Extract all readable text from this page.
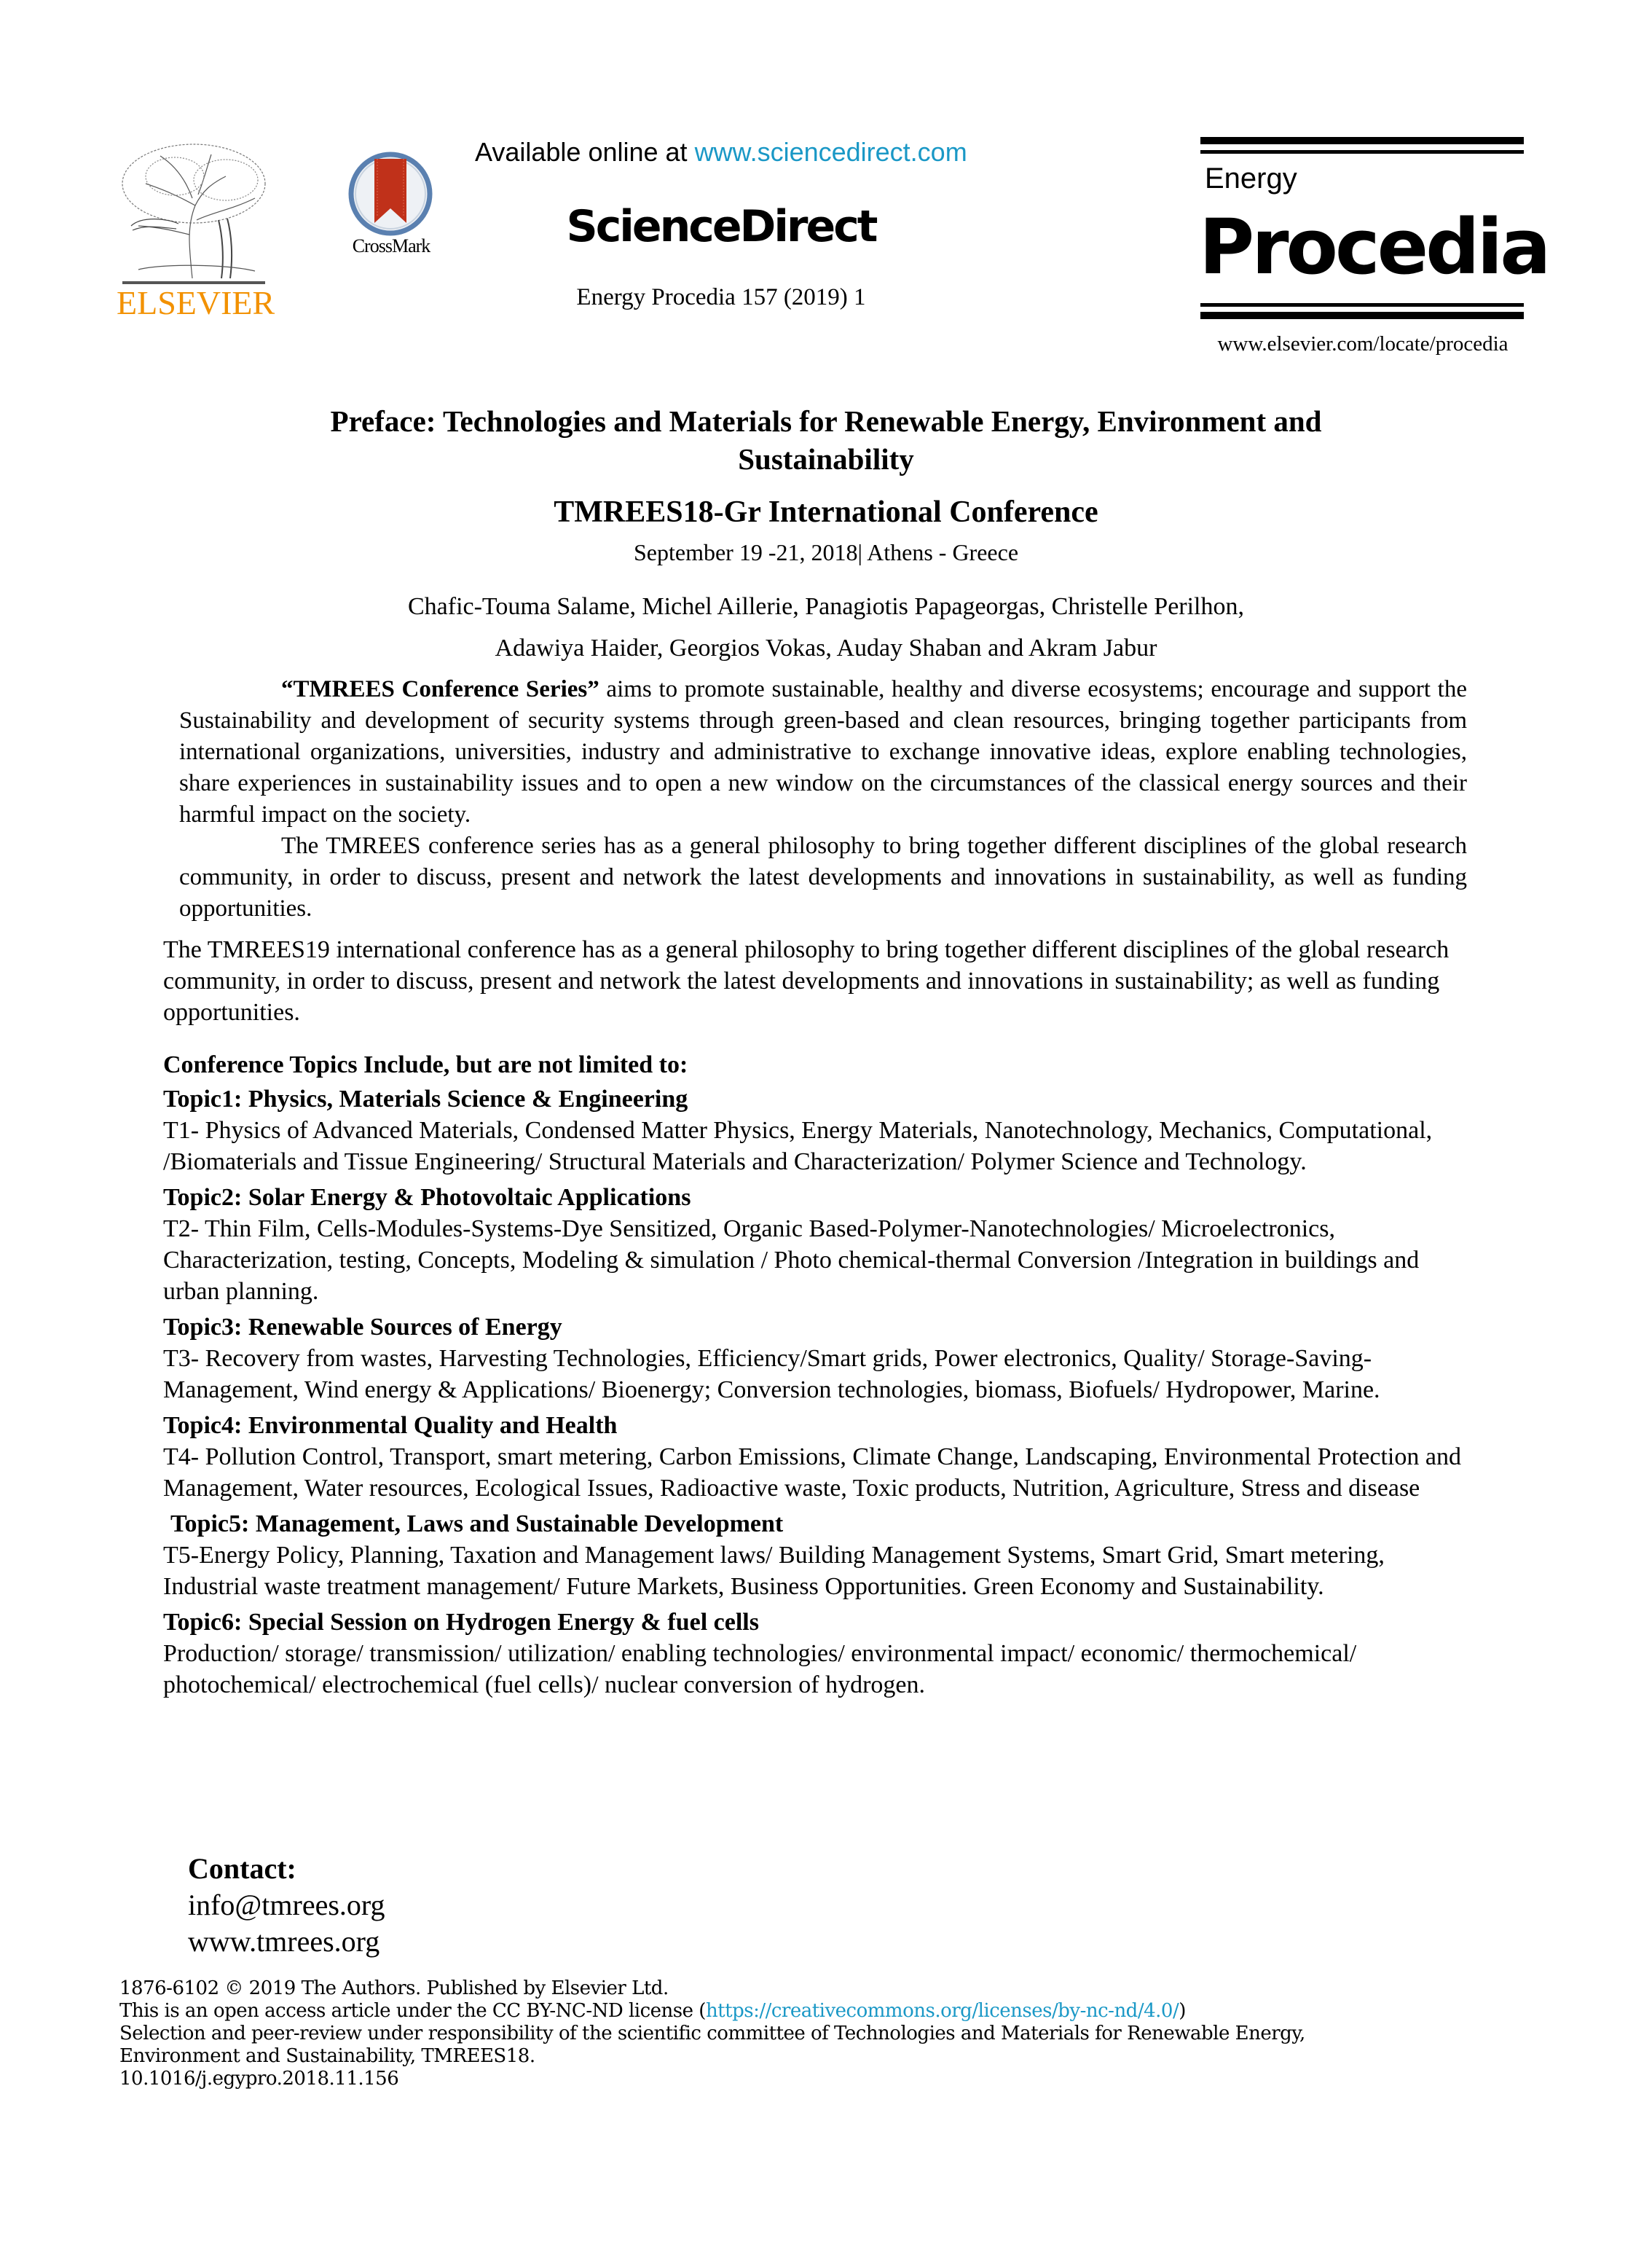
ELSEVIER
CrossMark
Available online at www.sciencedirect.com
ScienceDirect
Energy Procedia 157 (2019) 1
Energy
Procedia
www.elsevier.com/locate/procedia
Preface: Technologies and Materials for Renewable Energy, Environment and
Sustainability
TMREES18-Gr International Conference
September 19 -21, 2018| Athens - Greece
Chafic-Touma Salame, Michel Aillerie, Panagiotis Papageorgas, Christelle Perilhon,
Adawiya Haider, Georgios Vokas, Auday Shaban and Akram Jabur
“TMREES Conference Series” aims to promote sustainable, healthy and diverse ecosystems; encourage and support the Sustainability and development of security systems through green-based and clean resources, bringing together participants from international organizations, universities, industry and administrative to exchange innovative ideas, explore enabling technologies, share experiences in sustainability issues and to open a new window on the circumstances of the classical energy sources and their harmful impact on the society.
The TMREES conference series has as a general philosophy to bring together different disciplines of the global research community, in order to discuss, present and network the latest developments and innovations in sustainability, as well as funding opportunities.
The TMREES19 international conference has as a general philosophy to bring together different disciplines of the global research community, in order to discuss, present and network the latest developments and innovations in sustainability; as well as funding opportunities.
Conference Topics Include, but are not limited to:
Topic1: Physics, Materials Science & Engineering
T1- Physics of Advanced Materials, Condensed Matter Physics, Energy Materials, Nanotechnology, Mechanics, Computational, /Biomaterials and Tissue Engineering/ Structural Materials and Characterization/ Polymer Science and Technology.
Topic2: Solar Energy & Photovoltaic Applications
T2- Thin Film, Cells-Modules-Systems-Dye Sensitized, Organic Based-Polymer-Nanotechnologies/ Microelectronics, Characterization, testing, Concepts, Modeling & simulation / Photo chemical-thermal Conversion /Integration in buildings and urban planning.
Topic3: Renewable Sources of Energy
T3- Recovery from wastes, Harvesting Technologies, Efficiency/Smart grids, Power electronics, Quality/ Storage-Saving-Management, Wind energy & Applications/ Bioenergy; Conversion technologies, biomass, Biofuels/ Hydropower, Marine.
Topic4: Environmental Quality and Health
T4- Pollution Control, Transport, smart metering, Carbon Emissions, Climate Change, Landscaping, Environmental Protection and Management, Water resources, Ecological Issues, Radioactive waste, Toxic products, Nutrition, Agriculture, Stress and disease
Topic5: Management, Laws and Sustainable Development
T5-Energy Policy, Planning, Taxation and Management laws/ Building Management Systems, Smart Grid, Smart metering, Industrial waste treatment management/ Future Markets, Business Opportunities. Green Economy and Sustainability.
Topic6: Special Session on Hydrogen Energy & fuel cells
Production/ storage/ transmission/ utilization/ enabling technologies/ environmental impact/ economic/ thermochemical/ photochemical/ electrochemical (fuel cells)/ nuclear conversion of hydrogen.
Contact:
info@tmrees.org
www.tmrees.org
1876-6102 © 2019 The Authors. Published by Elsevier Ltd.
This is an open access article under the CC BY-NC-ND license (https://creativecommons.org/licenses/by-nc-nd/4.0/)
Selection and peer-review under responsibility of the scientific committee of Technologies and Materials for Renewable Energy,
Environment and Sustainability, TMREES18.
10.1016/j.egypro.2018.11.156
